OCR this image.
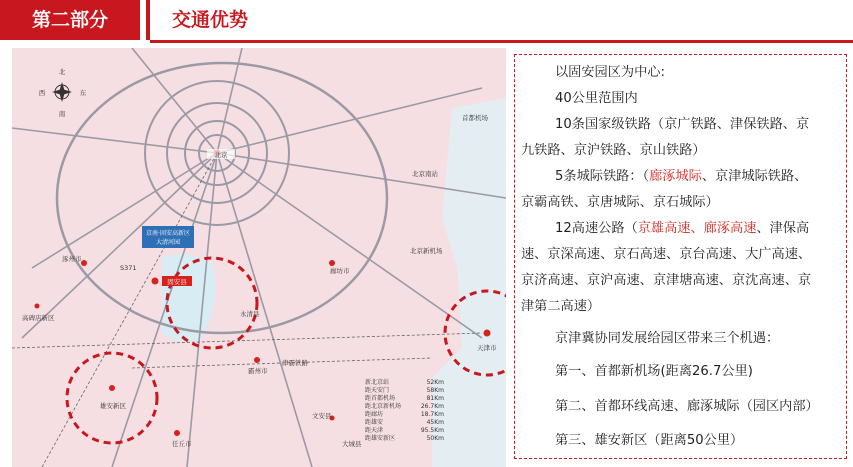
第二部分	交通优势
北
南
西	东
北京
京南·固安高新区
大清河园
固安县
廊坊市
天津市
雄安新区
霸州市
涿州市
永清县
任丘市
文安县
大城县
首都机场
北京新机场
北京南站
S371
津霸铁路
高碑店新区
新北京站	52Km
距天安门	58Km
距首都机场	81Km
距北京新机场	26.7Km
距廊坊	18.7Km
距雄安	45Km
距天津	95.5Km
距雄安新区	50Km

以固安园区为中心:

40公里范围内

10条国家级铁路（京广铁路、津保铁路、京

九铁路、京沪铁路、京山铁路）

5条城际铁路：（廊涿城际、京津城际铁路、

京霸高铁、京唐城际、京石城际）

12高速公路（京雄高速、廊涿高速、津保高

速、京深高速、京石高速、京台高速、大广高速、

京济高速、京沪高速、京津塘高速、京沈高速、京

津第二高速）

京津冀协同发展给园区带来三个机遇：

第一、首都新机场(距离26.7公里)

第二、首都环线高速、廊涿城际（园区内部）

第三、雄安新区（距离50公里）
